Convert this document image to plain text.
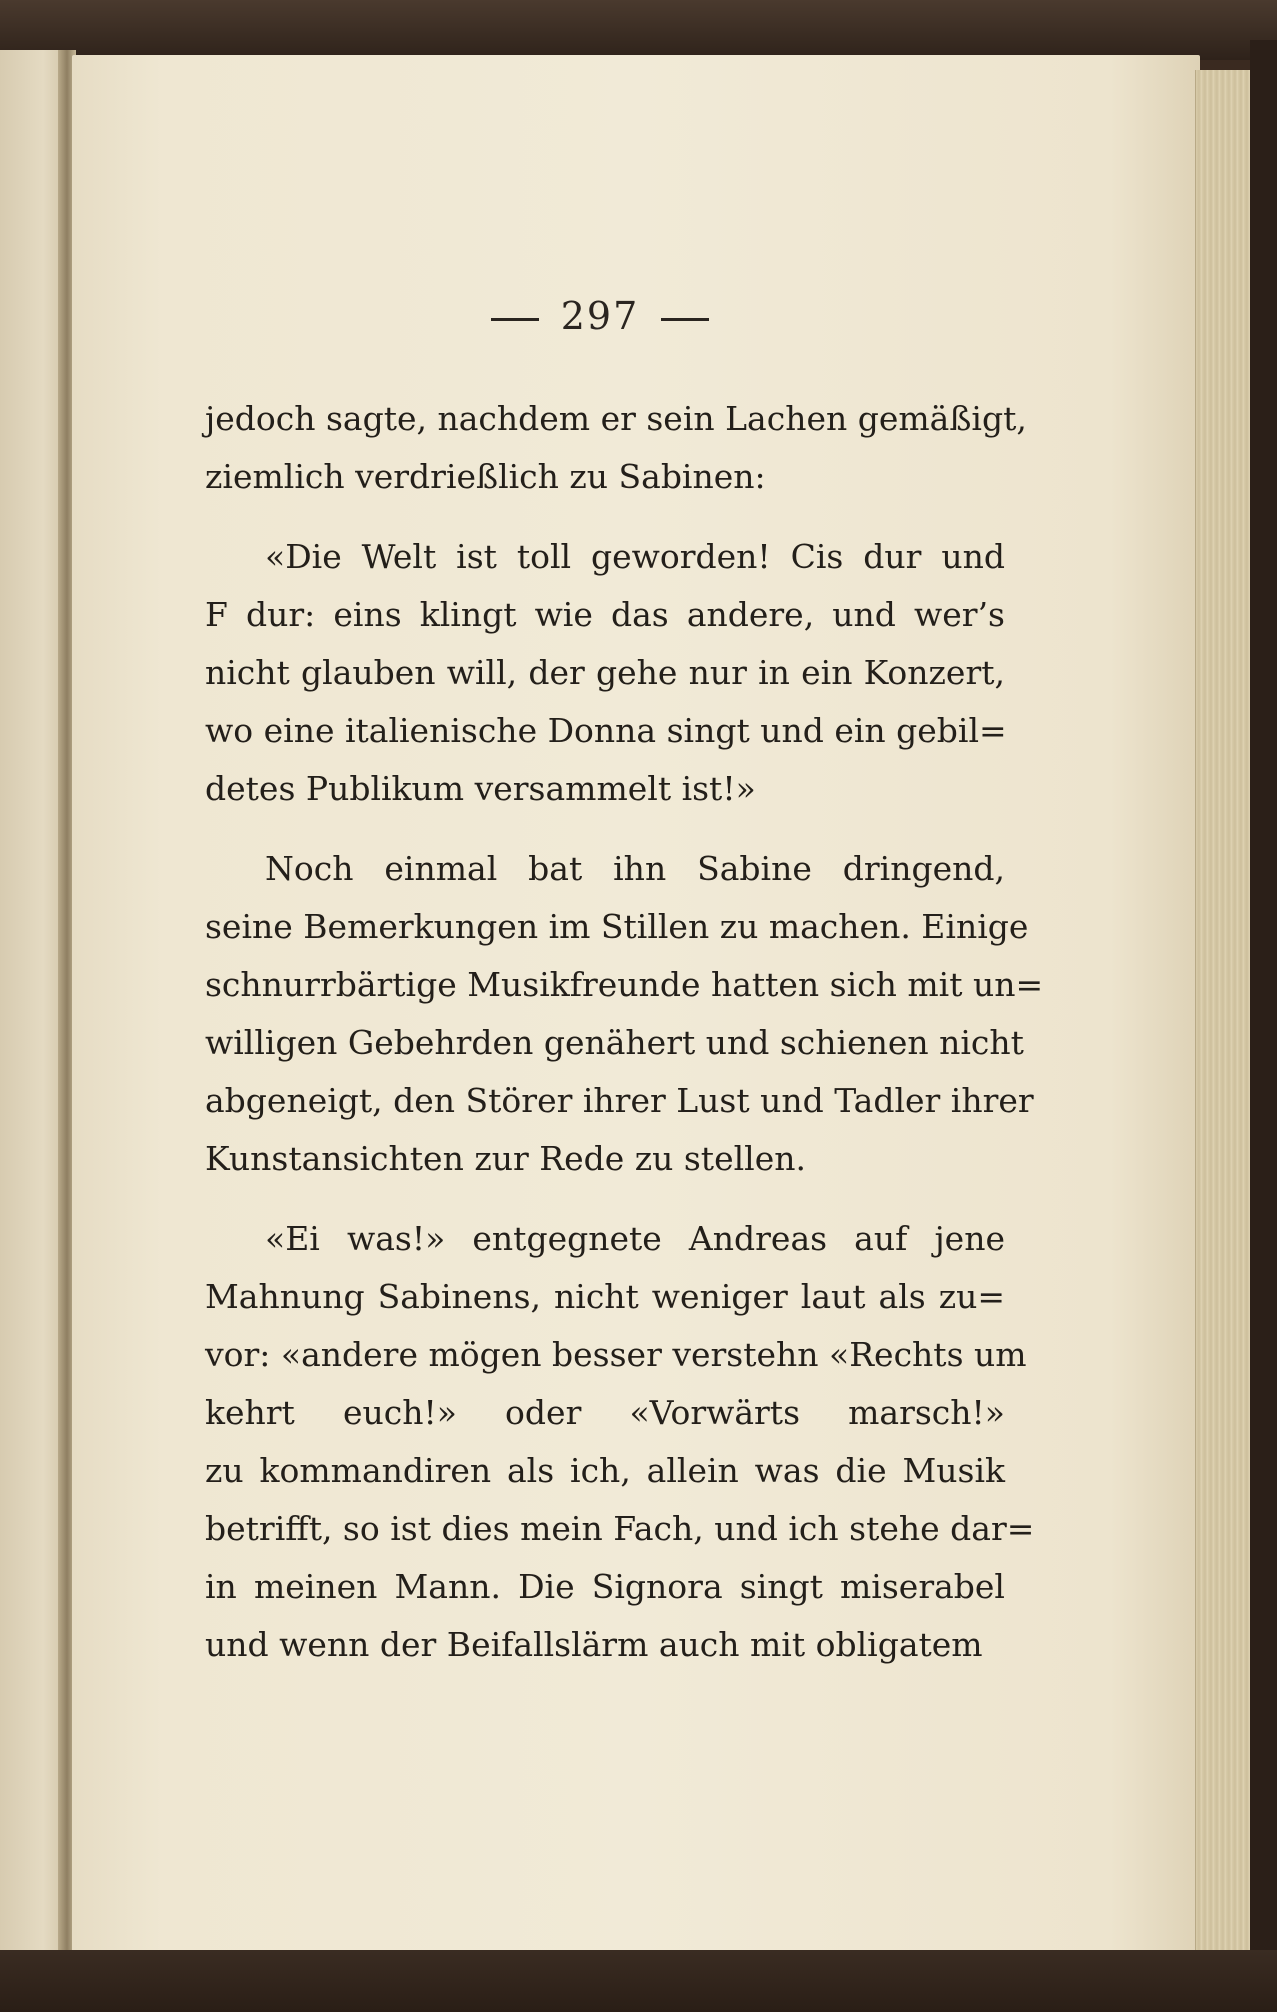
297
jedoch sagte, nachdem er sein Lachen gemäßigt,
ziemlich verdrießlich zu Sabinen:
«Die Welt ist toll geworden! Cis dur und
F dur: eins klingt wie das andere, und wer’s
nicht glauben will, der gehe nur in ein Konzert,
wo eine italienische Donna singt und ein gebil=
detes Publikum versammelt ist!»
Noch einmal bat ihn Sabine dringend,
seine Bemerkungen im Stillen zu machen. Einige
schnurrbärtige Musikfreunde hatten sich mit un=
willigen Gebehrden genähert und schienen nicht
abgeneigt, den Störer ihrer Lust und Tadler ihrer
Kunstansichten zur Rede zu stellen.
«Ei was!» entgegnete Andreas auf jene
Mahnung Sabinens, nicht weniger laut als zu=
vor: «andere mögen besser verstehn «Rechts um
kehrt euch!» oder «Vorwärts marsch!»
zu kommandiren als ich, allein was die Musik
betrifft, so ist dies mein Fach, und ich stehe dar=
in meinen Mann. Die Signora singt miserabel
und wenn der Beifallslärm auch mit obligatem
